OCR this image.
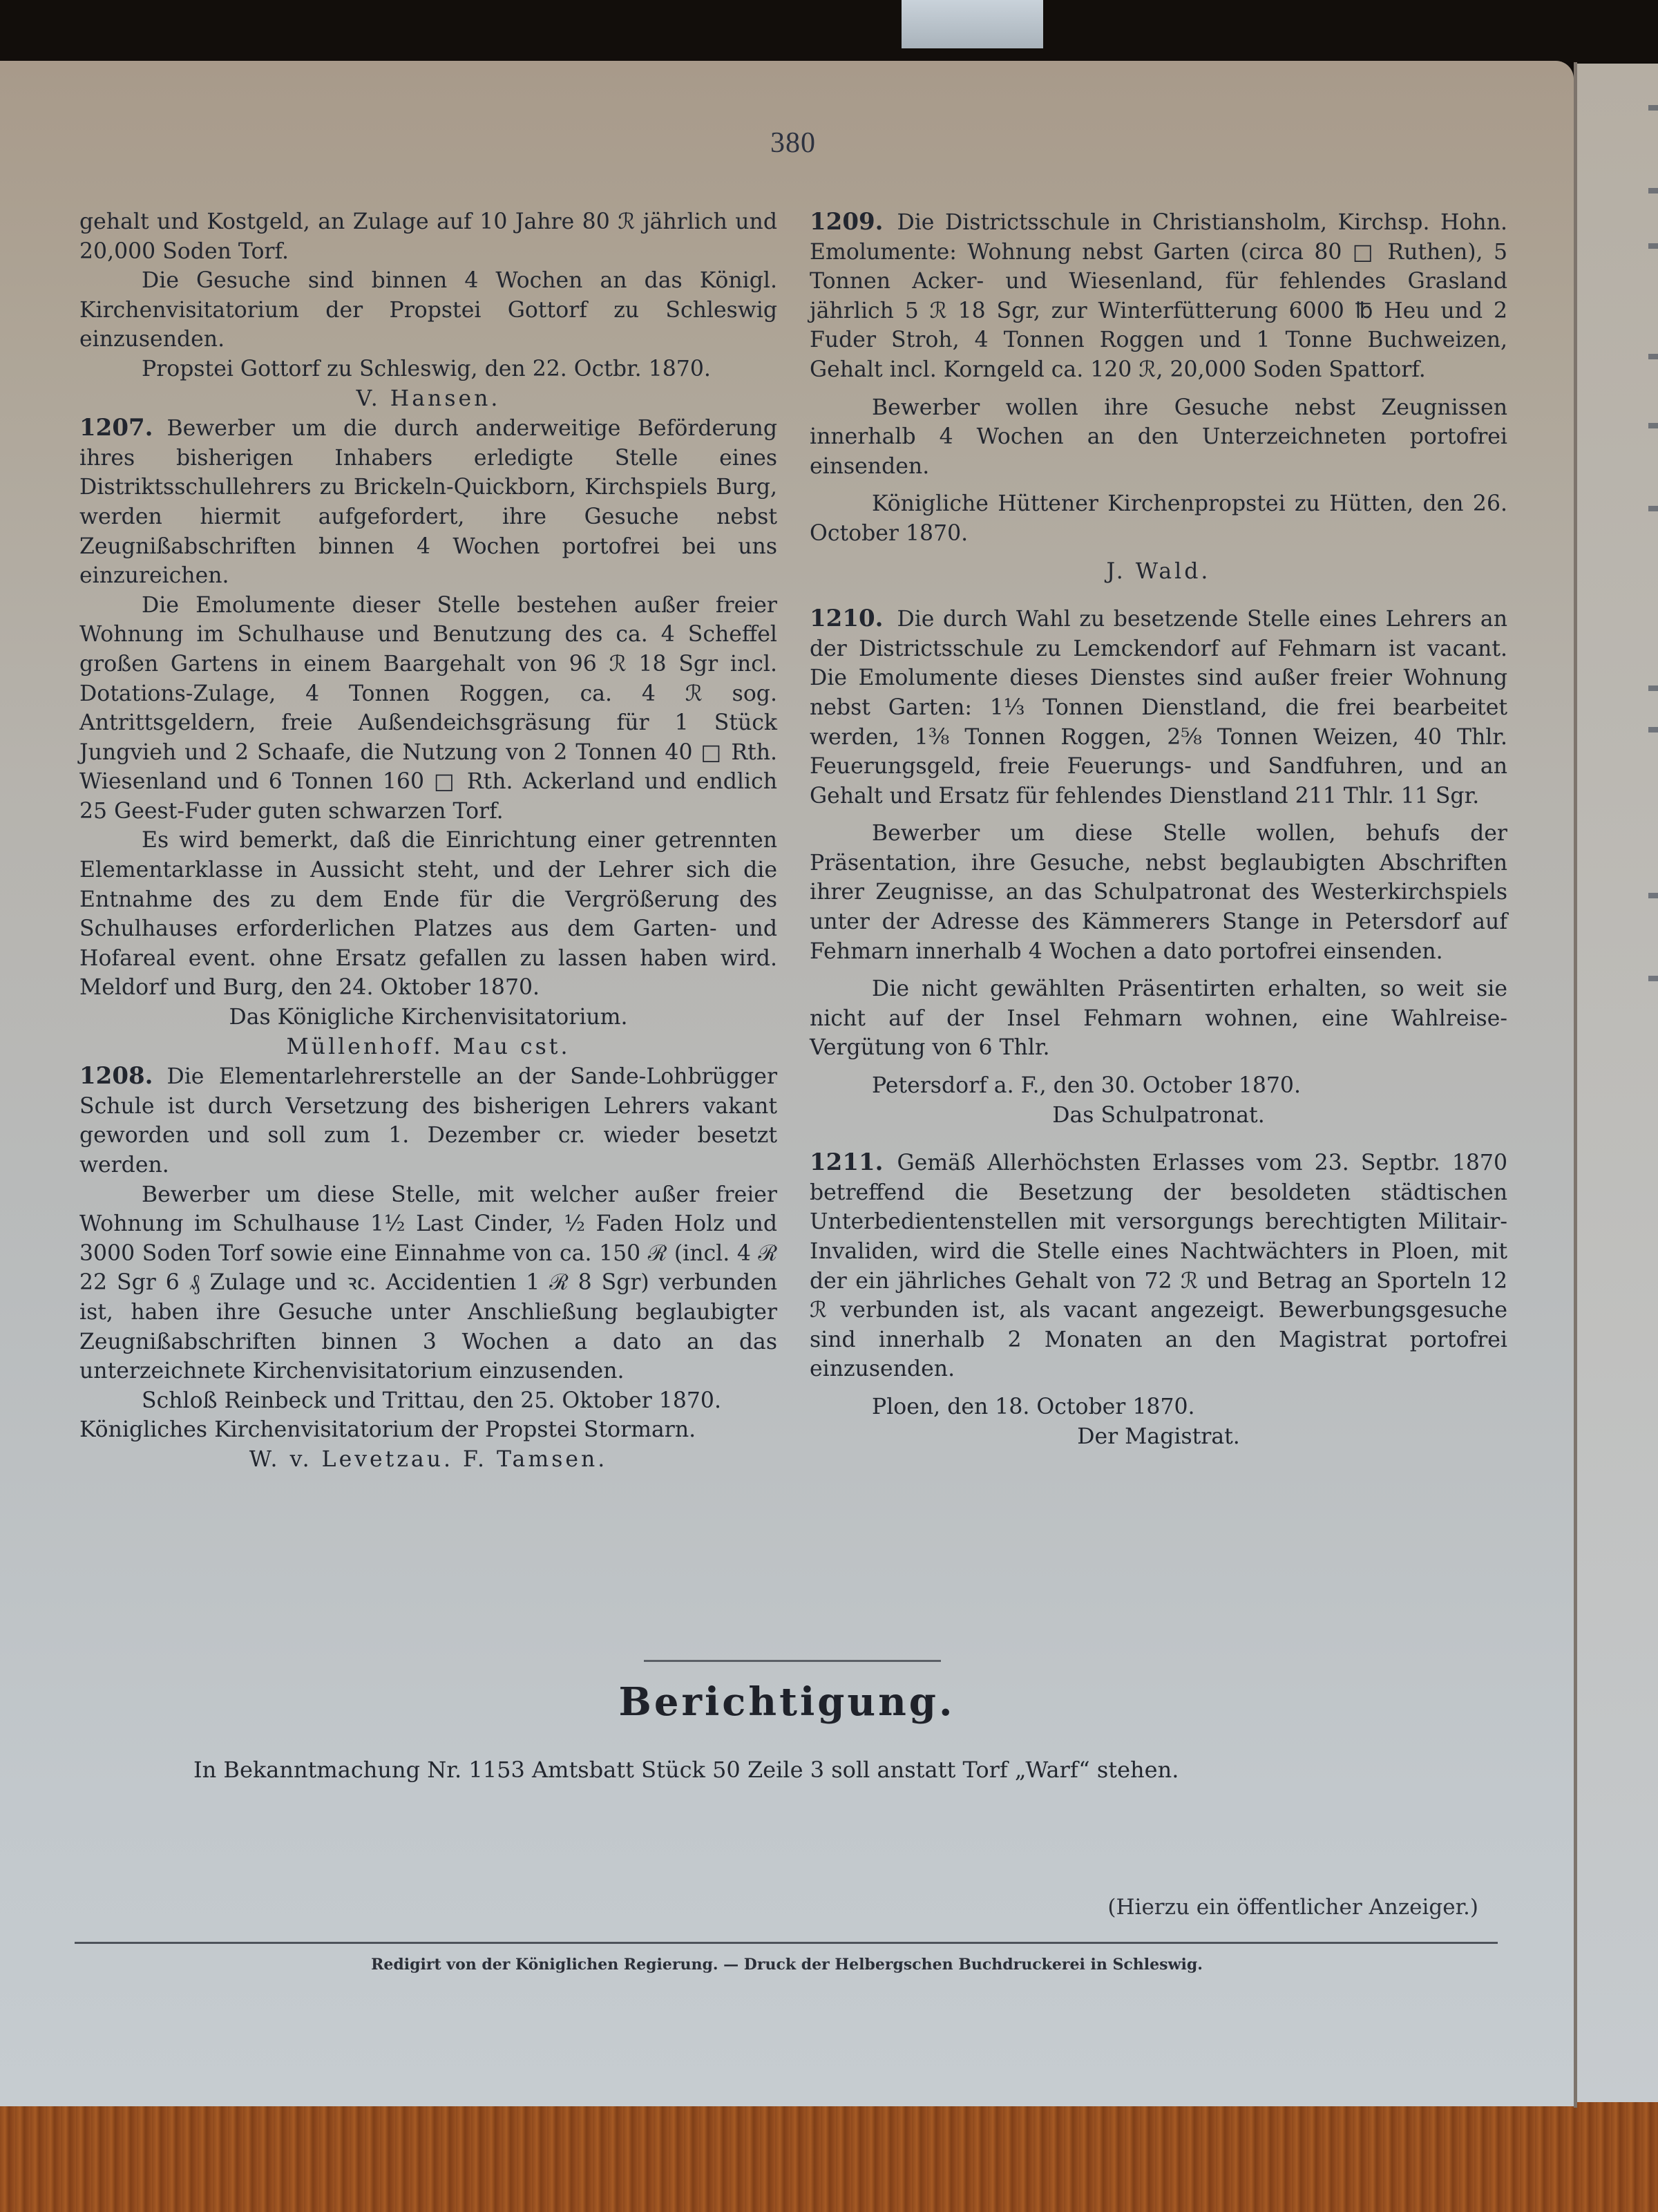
380

gehalt und Kostgeld, an Zulage auf 10 Jahre 80 ℛ jährlich und 20,000 Soden Torf.

Die Gesuche sind binnen 4 Wochen an das Königl. Kirchenvisitatorium der Propstei Gottorf zu Schleswig einzusenden.

Propstei Gottorf zu Schleswig, den 22. Octbr. 1870.

V. Hansen.

1207. Bewerber um die durch anderweitige Beförderung ihres bisherigen Inhabers erledigte Stelle eines Distriktsschullehrers zu Brickeln-Quickborn, Kirchspiels Burg, werden hiermit aufgefordert, ihre Gesuche nebst Zeugnißabschriften binnen 4 Wochen portofrei bei uns einzureichen.

Die Emolumente dieser Stelle bestehen außer freier Wohnung im Schulhause und Benutzung des ca. 4 Scheffel großen Gartens in einem Baargehalt von 96 ℛ 18 Sgr incl. Dotations-Zulage, 4 Tonnen Roggen, ca. 4 ℛ sog. Antrittsgeldern, freie Außendeichsgräsung für 1 Stück Jungvieh und 2 Schaafe, die Nutzung von 2 Tonnen 40 □ Rth. Wiesenland und 6 Tonnen 160 □ Rth. Ackerland und endlich 25 Geest-Fuder guten schwarzen Torf.

Es wird bemerkt, daß die Einrichtung einer getrennten Elementarklasse in Aussicht steht, und der Lehrer sich die Entnahme des zu dem Ende für die Vergrößerung des Schulhauses erforderlichen Platzes aus dem Garten- und Hofareal event. ohne Ersatz gefallen zu lassen haben wird. Meldorf und Burg, den 24. Oktober 1870.

Das Königliche Kirchenvisitatorium.

Müllenhoff. Mau cst.

1208. Die Elementarlehrerstelle an der Sande-Lohbrügger Schule ist durch Versetzung des bisherigen Lehrers vakant geworden und soll zum 1. Dezember cr. wieder besetzt werden.

Bewerber um diese Stelle, mit welcher außer freier Wohnung im Schulhause 1½ Last Cinder, ½ Faden Holz und 3000 Soden Torf sowie eine Einnahme von ca. 150 ℛ (incl. 4 ℛ 22 Sgr 6 ₰ Zulage und ꝛc. Accidentien 1 ℛ 8 Sgr) verbunden ist, haben ihre Gesuche unter Anschließung beglaubigter Zeugnißabschriften binnen 3 Wochen a dato an das unterzeichnete Kirchenvisitatorium einzusenden.

Schloß Reinbeck und Trittau, den 25. Oktober 1870.

Königliches Kirchenvisitatorium der Propstei Stormarn.

W. v. Levetzau. F. Tamsen.

1209. Die Districtsschule in Christiansholm, Kirchsp. Hohn. Emolumente: Wohnung nebst Garten (circa 80 □ Ruthen), 5 Tonnen Acker- und Wiesenland, für fehlendes Grasland jährlich 5 ℛ 18 Sgr, zur Winterfütterung 6000 ℔ Heu und 2 Fuder Stroh, 4 Tonnen Roggen und 1 Tonne Buchweizen, Gehalt incl. Korngeld ca. 120 ℛ, 20,000 Soden Spattorf.

Bewerber wollen ihre Gesuche nebst Zeugnissen innerhalb 4 Wochen an den Unterzeichneten portofrei einsenden.

Königliche Hüttener Kirchenpropstei zu Hütten, den 26. October 1870.

J. Wald.

1210. Die durch Wahl zu besetzende Stelle eines Lehrers an der Districtsschule zu Lemckendorf auf Fehmarn ist vacant. Die Emolumente dieses Dienstes sind außer freier Wohnung nebst Garten: 1⅓ Tonnen Dienstland, die frei bearbeitet werden, 1⅜ Tonnen Roggen, 2⅝ Tonnen Weizen, 40 Thlr. Feuerungsgeld, freie Feuerungs- und Sandfuhren, und an Gehalt und Ersatz für fehlendes Dienstland 211 Thlr. 11 Sgr.

Bewerber um diese Stelle wollen, behufs der Präsentation, ihre Gesuche, nebst beglaubigten Abschriften ihrer Zeugnisse, an das Schulpatronat des Westerkirchspiels unter der Adresse des Kämmerers Stange in Petersdorf auf Fehmarn innerhalb 4 Wochen a dato portofrei einsenden.

Die nicht gewählten Präsentirten erhalten, so weit sie nicht auf der Insel Fehmarn wohnen, eine Wahlreise-Vergütung von 6 Thlr.

Petersdorf a. F., den 30. October 1870.

Das Schulpatronat.

1211. Gemäß Allerhöchsten Erlasses vom 23. Septbr. 1870 betreffend die Besetzung der besoldeten städtischen Unterbedientenstellen mit versorgungs berechtigten Militair-Invaliden, wird die Stelle eines Nachtwächters in Ploen, mit der ein jährliches Gehalt von 72 ℛ und Betrag an Sporteln 12 ℛ verbunden ist, als vacant angezeigt. Bewerbungsgesuche sind innerhalb 2 Monaten an den Magistrat portofrei einzusenden.

Ploen, den 18. October 1870.

Der Magistrat.

Berichtigung.
In Bekanntmachung Nr. 1153 Amtsbatt Stück 50 Zeile 3 soll anstatt Torf „Warf“ stehen.
(Hierzu ein öffentlicher Anzeiger.)
Redigirt von der Königlichen Regierung. — Druck der Helbergschen Buchdruckerei in Schleswig.
